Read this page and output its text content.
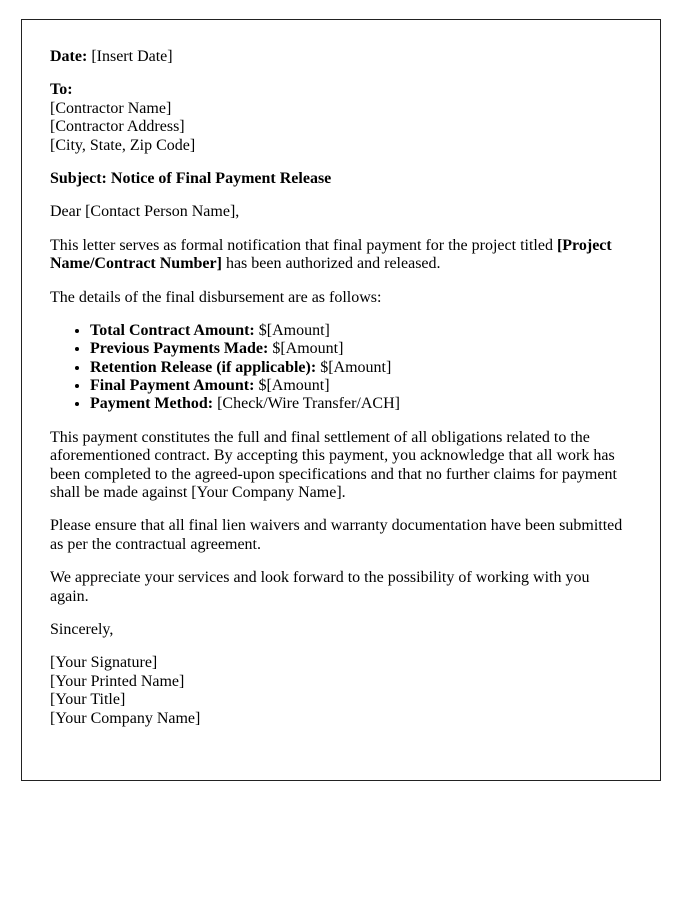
Date: [Insert Date]

To:
[Contractor Name]
[Contractor Address]
[City, State, Zip Code]

Subject: Notice of Final Payment Release

Dear [Contact Person Name],

This letter serves as formal notification that final payment for the project titled [Project Name/Contract Number] has been authorized and released.

The details of the final disbursement are as follows:

• Total Contract Amount: $[Amount]
• Previous Payments Made: $[Amount]
• Retention Release (if applicable): $[Amount]
• Final Payment Amount: $[Amount]
• Payment Method: [Check/Wire Transfer/ACH]

This payment constitutes the full and final settlement of all obligations related to the aforementioned contract. By accepting this payment, you acknowledge that all work has been completed to the agreed-upon specifications and that no further claims for payment shall be made against [Your Company Name].

Please ensure that all final lien waivers and warranty documentation have been submitted as per the contractual agreement.

We appreciate your services and look forward to the possibility of working with you again.

Sincerely,

[Your Signature]
[Your Printed Name]
[Your Title]
[Your Company Name]
